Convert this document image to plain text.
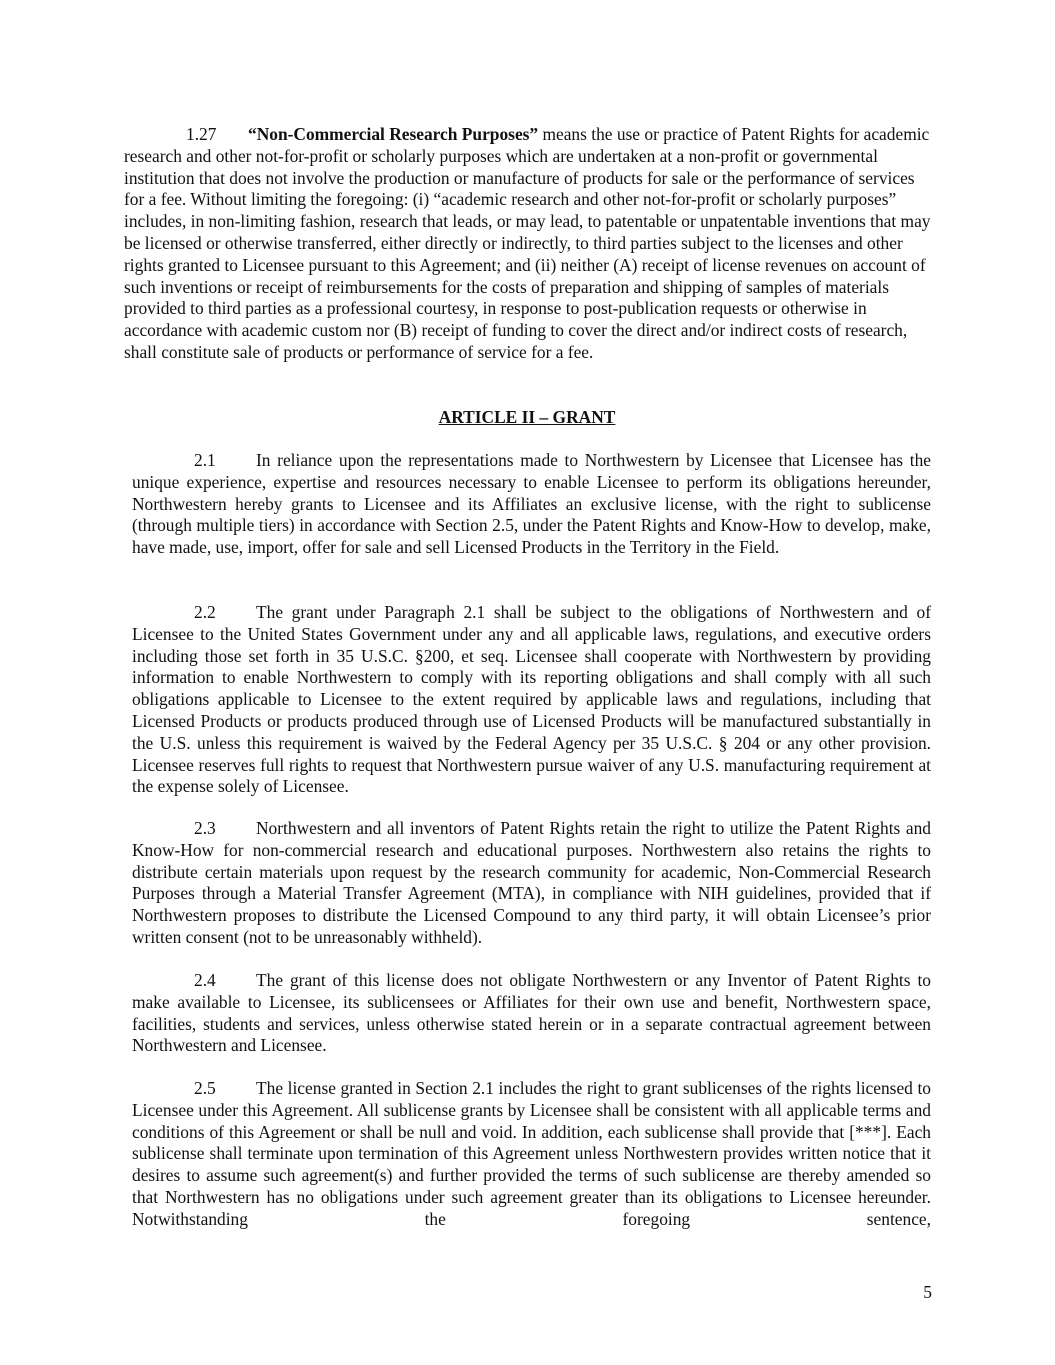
1.27 “Non-Commercial Research Purposes” means the use or practice of Patent Rights for academic research and other not-for-profit or scholarly purposes which are undertaken at a non-profit or governmental institution that does not involve the production or manufacture of products for sale or the performance of services for a fee. Without limiting the foregoing: (i) “academic research and other not-for-profit or scholarly purposes” includes, in non-limiting fashion, research that leads, or may lead, to patentable or unpatentable inventions that may be licensed or otherwise transferred, either directly or indirectly, to third parties subject to the licenses and other rights granted to Licensee pursuant to this Agreement; and (ii) neither (A) receipt of license revenues on account of such inventions or receipt of reimbursements for the costs of preparation and shipping of samples of materials provided to third parties as a professional courtesy, in response to post-publication requests or otherwise in accordance with academic custom nor (B) receipt of funding to cover the direct and/or indirect costs of research, shall constitute sale of products or performance of service for a fee.

ARTICLE II – GRANT

2.1 In reliance upon the representations made to Northwestern by Licensee that Licensee has the unique experience, expertise and resources necessary to enable Licensee to perform its obligations hereunder, Northwestern hereby grants to Licensee and its Affiliates an exclusive license, with the right to sublicense (through multiple tiers) in accordance with Section 2.5, under the Patent Rights and Know-How to develop, make, have made, use, import, offer for sale and sell Licensed Products in the Territory in the Field.

2.2 The grant under Paragraph 2.1 shall be subject to the obligations of Northwestern and of Licensee to the United States Government under any and all applicable laws, regulations, and executive orders including those set forth in 35 U.S.C. §200, et seq. Licensee shall cooperate with Northwestern by providing information to enable Northwestern to comply with its reporting obligations and shall comply with all such obligations applicable to Licensee to the extent required by applicable laws and regulations, including that Licensed Products or products produced through use of Licensed Products will be manufactured substantially in the U.S. unless this requirement is waived by the Federal Agency per 35 U.S.C. § 204 or any other provision. Licensee reserves full rights to request that Northwestern pursue waiver of any U.S. manufacturing requirement at the expense solely of Licensee.

2.3 Northwestern and all inventors of Patent Rights retain the right to utilize the Patent Rights and Know-How for non-commercial research and educational purposes. Northwestern also retains the rights to distribute certain materials upon request by the research community for academic, Non-Commercial Research Purposes through a Material Transfer Agreement (MTA), in compliance with NIH guidelines, provided that if Northwestern proposes to distribute the Licensed Compound to any third party, it will obtain Licensee’s prior written consent (not to be unreasonably withheld).

2.4 The grant of this license does not obligate Northwestern or any Inventor of Patent Rights to make available to Licensee, its sublicensees or Affiliates for their own use and benefit, Northwestern space, facilities, students and services, unless otherwise stated herein or in a separate contractual agreement between Northwestern and Licensee.

2.5 The license granted in Section 2.1 includes the right to grant sublicenses of the rights licensed to Licensee under this Agreement. All sublicense grants by Licensee shall be consistent with all applicable terms and conditions of this Agreement or shall be null and void. In addition, each sublicense shall provide that [***]. Each sublicense shall terminate upon termination of this Agreement unless Northwestern provides written notice that it desires to assume such agreement(s) and further provided the terms of such sublicense are thereby amended so that Northwestern has no obligations under such agreement greater than its obligations to Licensee hereunder. Notwithstanding the foregoing sentence,

5
